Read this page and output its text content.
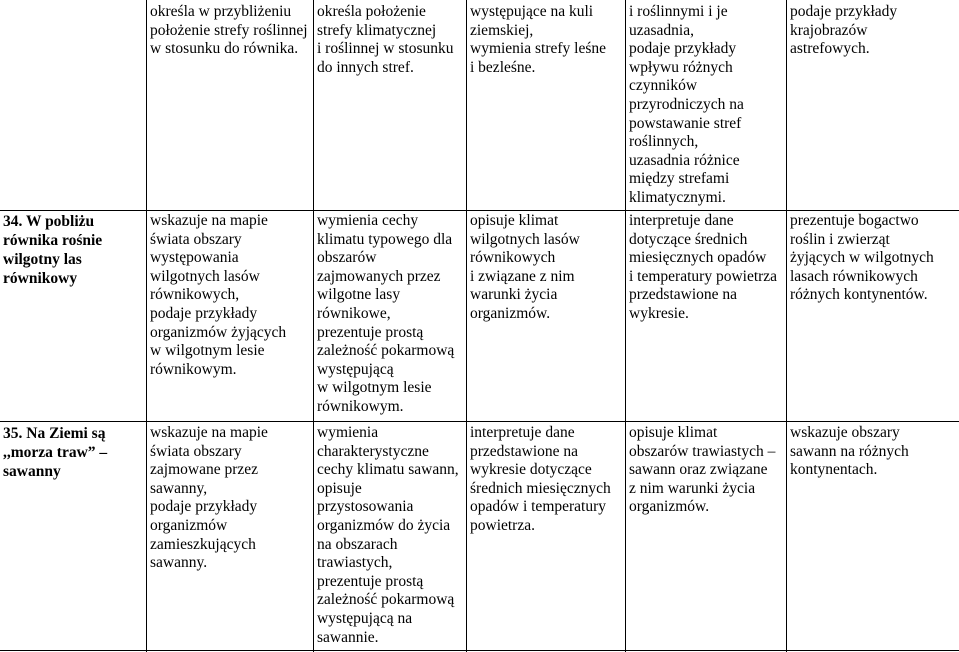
określa w przybliżeniu
położenie strefy roślinnej
w stosunku do równika.
określa położenie
strefy klimatycznej
i roślinnej w stosunku
do innych stref.
występujące na kuli
ziemskiej,
wymienia strefy leśne
i bezleśne.
i roślinnymi i je
uzasadnia,
podaje przykłady
wpływu różnych
czynników
przyrodniczych na
powstawanie stref
roślinnych,
uzasadnia różnice
między strefami
klimatycznymi.
podaje przykłady
krajobrazów
astrefowych.
34. W pobliżu
równika rośnie
wilgotny las
równikowy
wskazuje na mapie
świata obszary
występowania
wilgotnych lasów
równikowych,
podaje przykłady
organizmów żyjących
w wilgotnym lesie
równikowym.
wymienia cechy
klimatu typowego dla
obszarów
zajmowanych przez
wilgotne lasy
równikowe,
prezentuje prostą
zależność pokarmową
występującą
w wilgotnym lesie
równikowym.
opisuje klimat
wilgotnych lasów
równikowych
i związane z nim
warunki życia
organizmów.
interpretuje dane
dotyczące średnich
miesięcznych opadów
i temperatury powietrza
przedstawione na
wykresie.
prezentuje bogactwo
roślin i zwierząt
żyjących w wilgotnych
lasach równikowych
różnych kontynentów.
35. Na Ziemi są
,,morza traw” –
sawanny
wskazuje na mapie
świata obszary
zajmowane przez
sawanny,
podaje przykłady
organizmów
zamieszkujących
sawanny.
wymienia
charakterystyczne
cechy klimatu sawann,
opisuje
przystosowania
organizmów do życia
na obszarach
trawiastych,
prezentuje prostą
zależność pokarmową
występującą na
sawannie.
interpretuje dane
przedstawione na
wykresie dotyczące
średnich miesięcznych
opadów i temperatury
powietrza.
opisuje klimat
obszarów trawiastych –
sawann oraz związane
z nim warunki życia
organizmów.
wskazuje obszary
sawann na różnych
kontynentach.
